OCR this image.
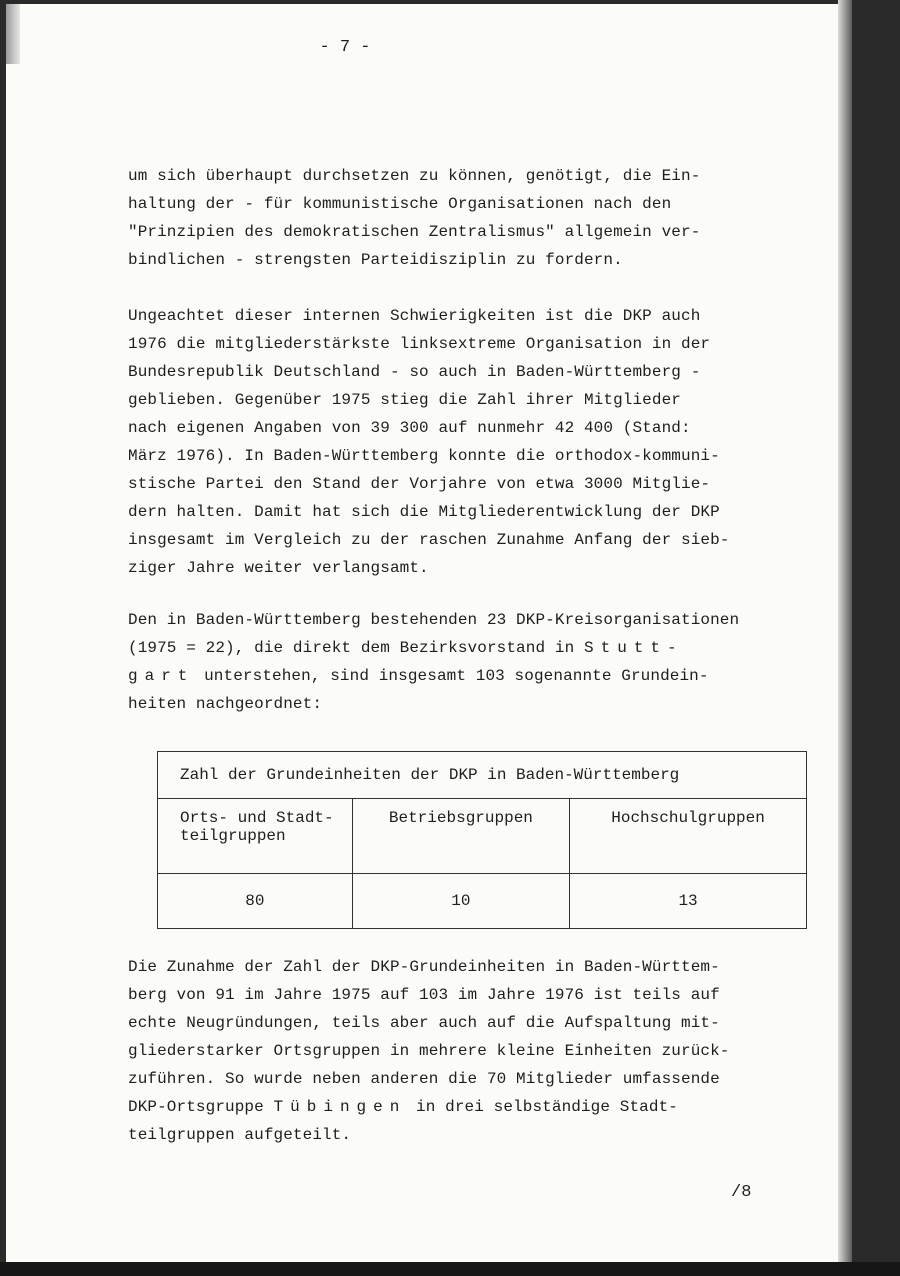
- 7 -
um sich überhaupt durchsetzen zu können, genötigt, die Ein-
haltung der - für kommunistische Organisationen nach den
"Prinzipien des demokratischen Zentralismus" allgemein ver-
bindlichen - strengsten Parteidisziplin zu fordern.
Ungeachtet dieser internen Schwierigkeiten ist die DKP auch
1976 die mitgliederstärkste linksextreme Organisation in der
Bundesrepublik Deutschland - so auch in Baden-Württemberg -
geblieben. Gegenüber 1975 stieg die Zahl ihrer Mitglieder
nach eigenen Angaben von 39 300 auf nunmehr 42 400 (Stand:
März 1976). In Baden-Württemberg konnte die orthodox-kommuni-
stische Partei den Stand der Vorjahre von etwa 3000 Mitglie-
dern halten. Damit hat sich die Mitgliederentwicklung der DKP
insgesamt im Vergleich zu der raschen Zunahme Anfang der sieb-
ziger Jahre weiter verlangsamt.
Den in Baden-Württemberg bestehenden 23 DKP-Kreisorganisationen
(1975 = 22), die direkt dem Bezirksvorstand in Stutt-
gart unterstehen, sind insgesamt 103 sogenannte Grundein-
heiten nachgeordnet:
Zahl der Grundeinheiten der DKP in Baden-Württemberg		
Orts- und Stadt-
teilgruppen	Betriebsgruppen	Hochschulgruppen
80	10	13
Die Zunahme der Zahl der DKP-Grundeinheiten in Baden-Württem-
berg von 91 im Jahre 1975 auf 103 im Jahre 1976 ist teils auf
echte Neugründungen, teils aber auch auf die Aufspaltung mit-
gliederstarker Ortsgruppen in mehrere kleine Einheiten zurück-
zuführen. So wurde neben anderen die 70 Mitglieder umfassende
DKP-Ortsgruppe Tübingen in drei selbständige Stadt-
teilgruppen aufgeteilt.
/8
